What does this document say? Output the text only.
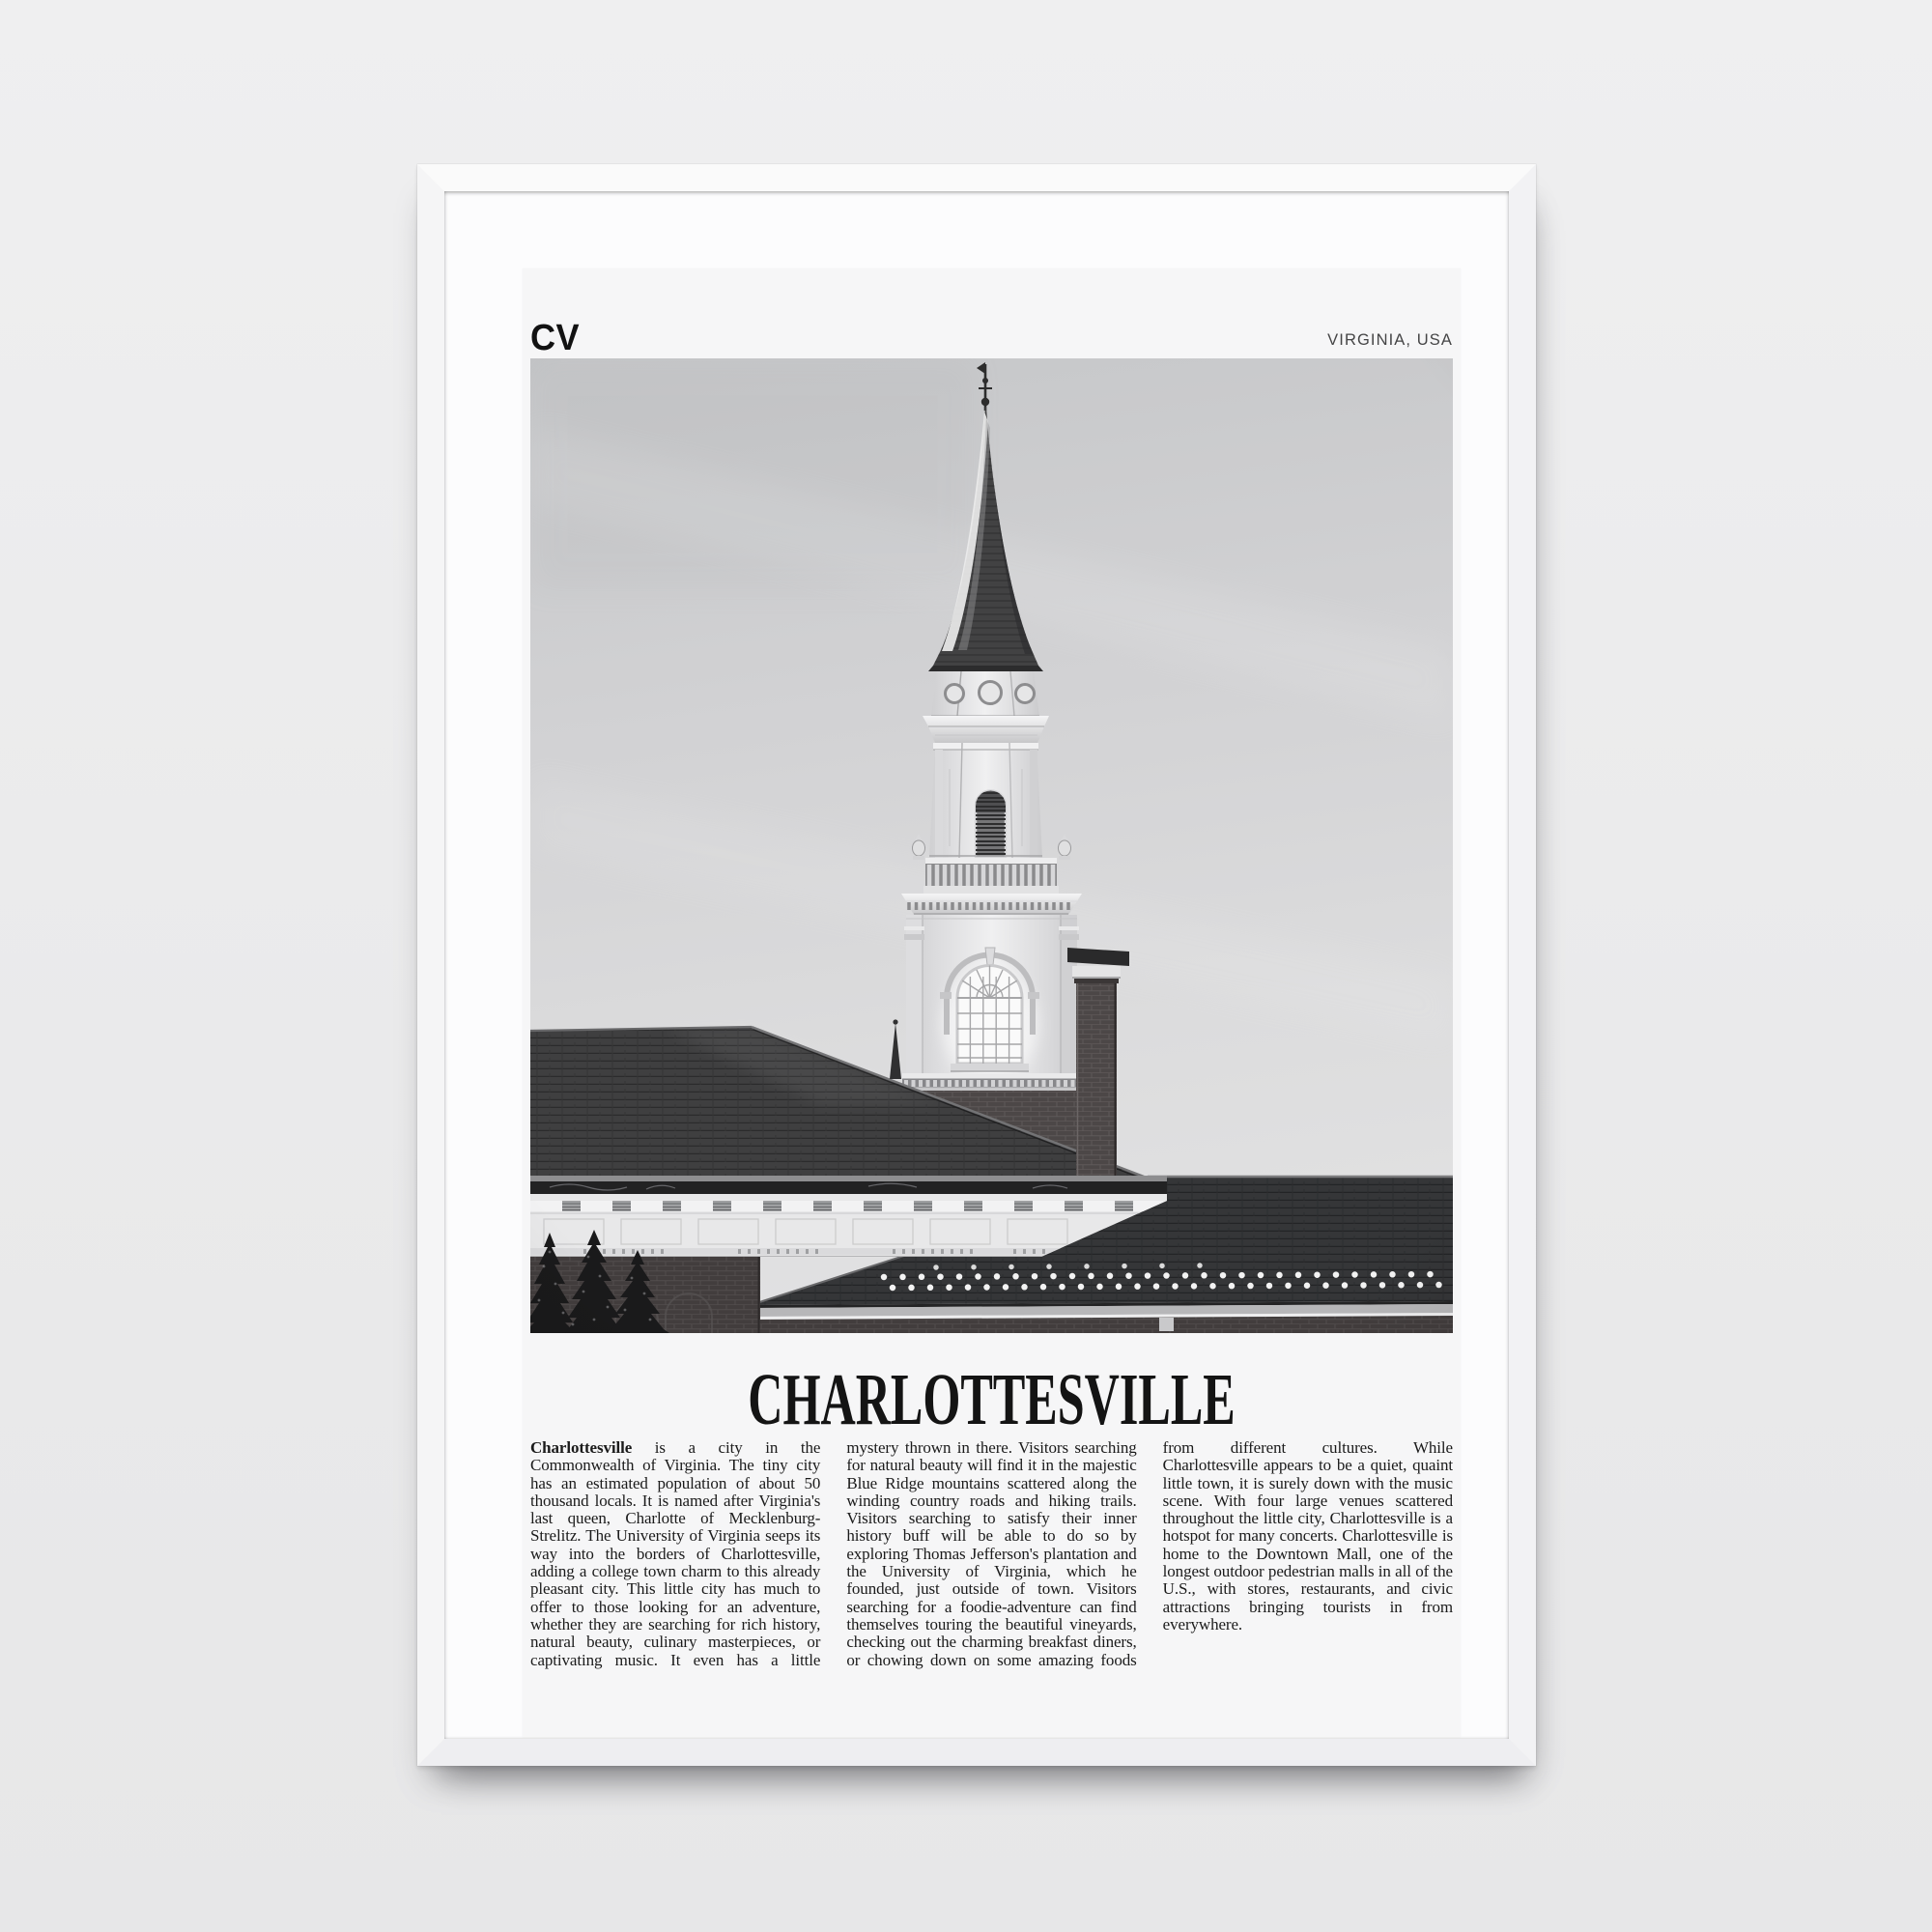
CV	VIRGINIA, USA
CHARLOTTESVILLE
Charlottesville is a city in the Commonwealth of Virginia. The tiny city has an estimated population of about 50 thousand locals. It is named after Virginia's last queen, Charlotte of Mecklenburg-Strelitz. The University of Virginia seeps its way into the borders of Charlottesville, adding a college town charm to this already pleasant city. This little city has much to offer to those looking for an adventure, whether they are searching for rich history, natural beauty, culinary masterpieces, or captivating music. It even has a little mystery thrown in there. Visitors searching for natural beauty will find it in the majestic Blue Ridge mountains scattered along the winding country roads and hiking trails. Visitors searching to satisfy their inner history buff will be able to do so by exploring Thomas Jefferson's plantation and the University of Virginia, which he founded, just outside of town. Visitors searching for a foodie-adventure can find themselves touring the beautiful vineyards, checking out the charming breakfast diners, or chowing down on some amazing foods from different cultures. While Charlottesville appears to be a quiet, quaint little town, it is surely down with the music scene. With four large venues scattered throughout the little city, Charlottesville is a hotspot for many concerts. Charlottesville is home to the Downtown Mall, one of the longest outdoor pedestrian malls in all of the U.S., with stores, restaurants, and civic attractions bringing tourists in from everywhere.
